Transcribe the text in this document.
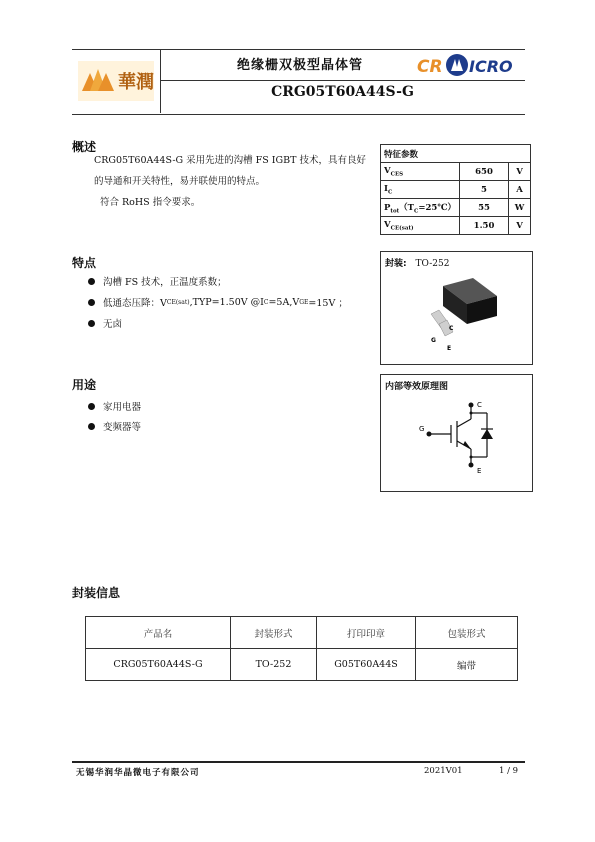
華潤
绝缘栅双极型晶体管	CR ICRO
CRG05T60A44S-G
概述
CRG05T60A44S-G 采用先进的沟槽 FS IGBT 技术，具有良好
的导通和开关特性，易并联使用的特点。
符合 RoHS 指令要求。
特征参数		
$V_{CES}$	650	V
$I_C$	5	A
$P_{tot}(T_C=25℃)$	55	W
$V_{CE(sat)}$	1.50	V
特点
沟槽 FS 技术，正温度系数；
低通态压降：V CE(sat) ,TYP=1.50V @I C =5A,V GE =15V ；
无卤
封装: TO-252
G
C
E
用途
家用电器
变频器等
内部等效原理图
C
G
E
封装信息
产品名	封装形式	打印印章	包装形式
CRG05T60A44S-G	TO-252	G05T60A44S	编带
无锡华润华晶微电子有限公司	2021V01	1 / 9
